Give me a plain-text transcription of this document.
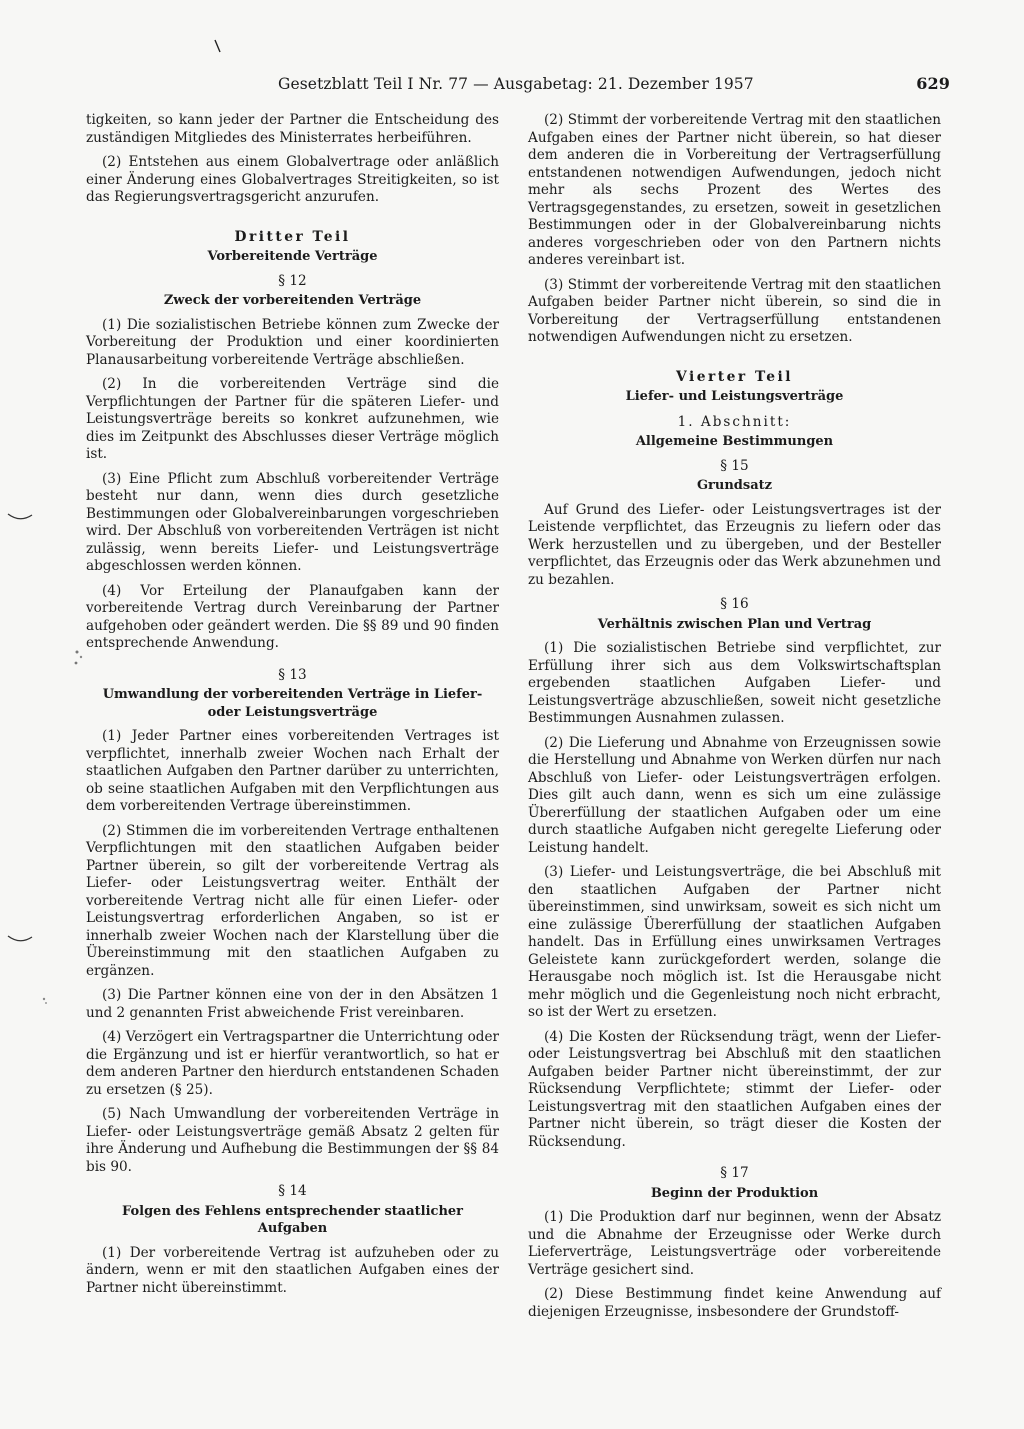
Gesetzblatt Teil I Nr. 77 — Ausgabetag: 21. Dezember 1957	629

tigkeiten, so kann jeder der Partner die Entscheidung des zuständigen Mitgliedes des Ministerrates herbeiführen.

(2) Entstehen aus einem Globalvertrage oder anläßlich einer Änderung eines Globalvertrages Streitigkeiten, so ist das Regierungsvertragsgericht anzurufen.

Dritter Teil
Vorbereitende Verträge
§ 12
Zweck der vorbereitenden Verträge

(1) Die sozialistischen Betriebe können zum Zwecke der Vorbereitung der Produktion und einer koordinierten Planausarbeitung vorbereitende Verträge abschließen.

(2) In die vorbereitenden Verträge sind die Verpflichtungen der Partner für die späteren Liefer- und Leistungsverträge bereits so konkret aufzunehmen, wie dies im Zeitpunkt des Abschlusses dieser Verträge möglich ist.

(3) Eine Pflicht zum Abschluß vorbereitender Verträge besteht nur dann, wenn dies durch gesetzliche Bestimmungen oder Globalvereinbarungen vorgeschrieben wird. Der Abschluß von vorbereitenden Verträgen ist nicht zulässig, wenn bereits Liefer- und Leistungsverträge abgeschlossen werden können.

(4) Vor Erteilung der Planaufgaben kann der vorbereitende Vertrag durch Vereinbarung der Partner aufgehoben oder geändert werden. Die §§ 89 und 90 finden entsprechende Anwendung.

§ 13
Umwandlung der vorbereitenden Verträge in Liefer- oder Leistungsverträge

(1) Jeder Partner eines vorbereitenden Vertrages ist verpflichtet, innerhalb zweier Wochen nach Erhalt der staatlichen Aufgaben den Partner darüber zu unterrichten, ob seine staatlichen Aufgaben mit den Verpflichtungen aus dem vorbereitenden Vertrage übereinstimmen.

(2) Stimmen die im vorbereitenden Vertrage enthaltenen Verpflichtungen mit den staatlichen Aufgaben beider Partner überein, so gilt der vorbereitende Vertrag als Liefer- oder Leistungsvertrag weiter. Enthält der vorbereitende Vertrag nicht alle für einen Liefer- oder Leistungsvertrag erforderlichen Angaben, so ist er innerhalb zweier Wochen nach der Klarstellung über die Übereinstimmung mit den staatlichen Aufgaben zu ergänzen.

(3) Die Partner können eine von der in den Absätzen 1 und 2 genannten Frist abweichende Frist vereinbaren.

(4) Verzögert ein Vertragspartner die Unterrichtung oder die Ergänzung und ist er hierfür verantwortlich, so hat er dem anderen Partner den hierdurch entstandenen Schaden zu ersetzen (§ 25).

(5) Nach Umwandlung der vorbereitenden Verträge in Liefer- oder Leistungsverträge gemäß Absatz 2 gelten für ihre Änderung und Aufhebung die Bestimmungen der §§ 84 bis 90.

§ 14
Folgen des Fehlens entsprechender staatlicher Aufgaben

(1) Der vorbereitende Vertrag ist aufzuheben oder zu ändern, wenn er mit den staatlichen Aufgaben eines der Partner nicht übereinstimmt.

(2) Stimmt der vorbereitende Vertrag mit den staatlichen Aufgaben eines der Partner nicht überein, so hat dieser dem anderen die in Vorbereitung der Vertragserfüllung entstandenen notwendigen Aufwendungen, jedoch nicht mehr als sechs Prozent des Wertes des Vertragsgegenstandes, zu ersetzen, soweit in gesetzlichen Bestimmungen oder in der Globalvereinbarung nichts anderes vorgeschrieben oder von den Partnern nichts anderes vereinbart ist.

(3) Stimmt der vorbereitende Vertrag mit den staatlichen Aufgaben beider Partner nicht überein, so sind die in Vorbereitung der Vertragserfüllung entstandenen notwendigen Aufwendungen nicht zu ersetzen.

Vierter Teil
Liefer- und Leistungsverträge
1. Abschnitt:
Allgemeine Bestimmungen
§ 15
Grundsatz

Auf Grund des Liefer- oder Leistungsvertrages ist der Leistende verpflichtet, das Erzeugnis zu liefern oder das Werk herzustellen und zu übergeben, und der Besteller verpflichtet, das Erzeugnis oder das Werk abzunehmen und zu bezahlen.

§ 16
Verhältnis zwischen Plan und Vertrag

(1) Die sozialistischen Betriebe sind verpflichtet, zur Erfüllung ihrer sich aus dem Volkswirtschaftsplan ergebenden staatlichen Aufgaben Liefer- und Leistungsverträge abzuschließen, soweit nicht gesetzliche Bestimmungen Ausnahmen zulassen.

(2) Die Lieferung und Abnahme von Erzeugnissen sowie die Herstellung und Abnahme von Werken dürfen nur nach Abschluß von Liefer- oder Leistungsverträgen erfolgen. Dies gilt auch dann, wenn es sich um eine zulässige Übererfüllung der staatlichen Aufgaben oder um eine durch staatliche Aufgaben nicht geregelte Lieferung oder Leistung handelt.

(3) Liefer- und Leistungsverträge, die bei Abschluß mit den staatlichen Aufgaben der Partner nicht übereinstimmen, sind unwirksam, soweit es sich nicht um eine zulässige Übererfüllung der staatlichen Aufgaben handelt. Das in Erfüllung eines unwirksamen Vertrages Geleistete kann zurückgefordert werden, solange die Herausgabe noch möglich ist. Ist die Herausgabe nicht mehr möglich und die Gegenleistung noch nicht erbracht, so ist der Wert zu ersetzen.

(4) Die Kosten der Rücksendung trägt, wenn der Liefer- oder Leistungsvertrag bei Abschluß mit den staatlichen Aufgaben beider Partner nicht übereinstimmt, der zur Rücksendung Verpflichtete; stimmt der Liefer- oder Leistungsvertrag mit den staatlichen Aufgaben eines der Partner nicht überein, so trägt dieser die Kosten der Rücksendung.

§ 17
Beginn der Produktion

(1) Die Produktion darf nur beginnen, wenn der Absatz und die Abnahme der Erzeugnisse oder Werke durch Lieferverträge, Leistungsverträge oder vorbereitende Verträge gesichert sind.

(2) Diese Bestimmung findet keine Anwendung auf diejenigen Erzeugnisse, insbesondere der Grundstoff-
